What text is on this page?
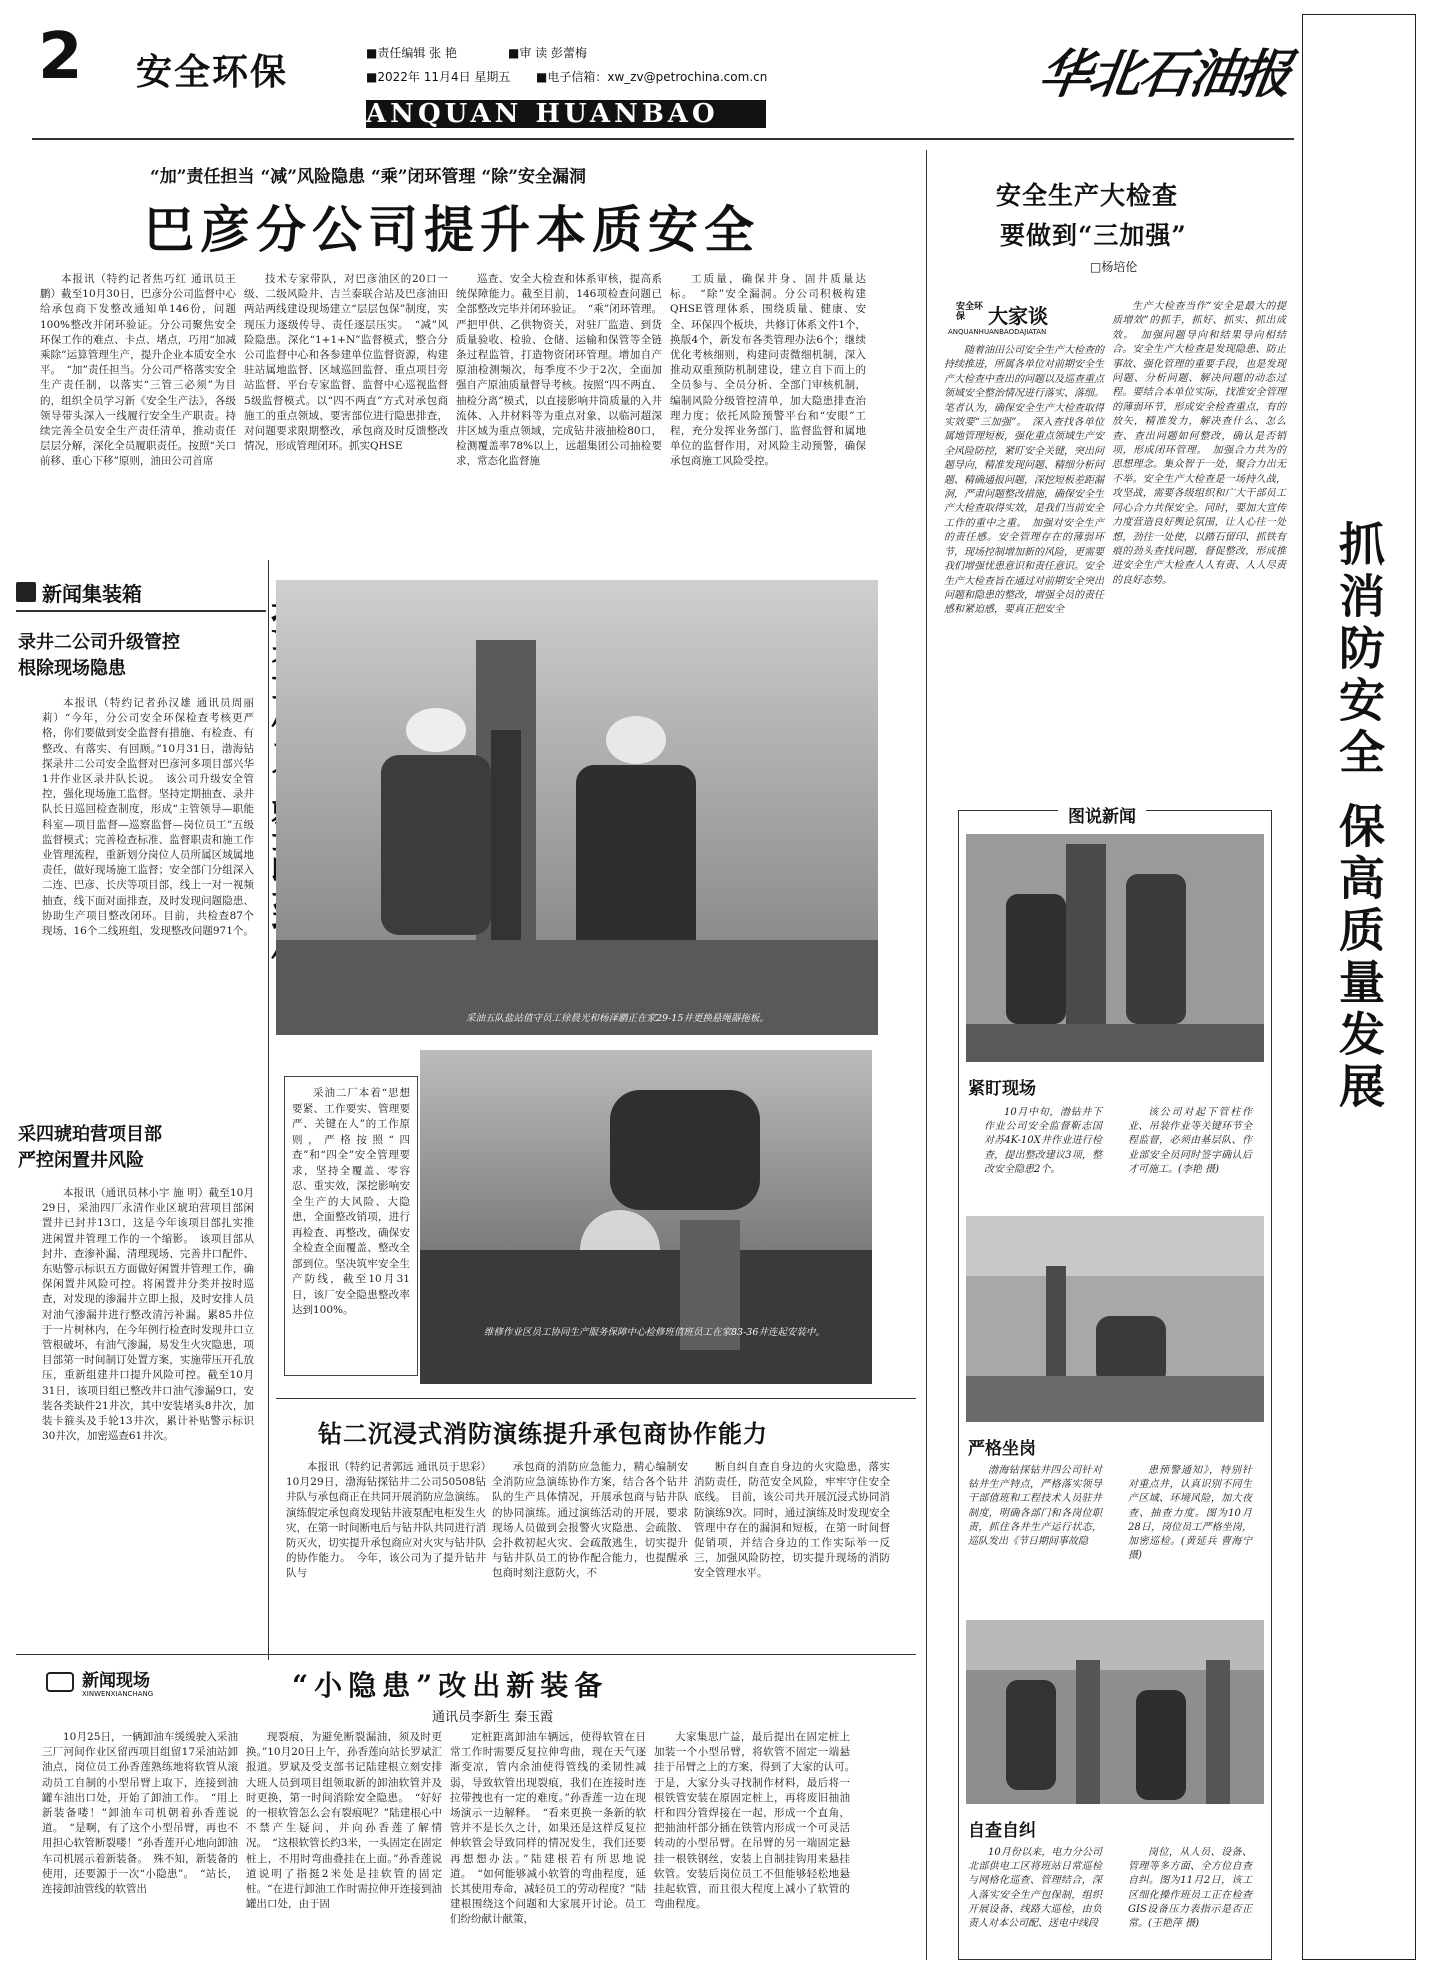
2 安全环保	■责任编辑 张 艳	■审 读 彭蕾梅
■2022年 11月4日 星期五 ■电子信箱：xw_zv@petrochina.com.cn
ANQUAN HUANBAO
华北石油报
抓消防安全 保高质量发展
“加”责任担当 “减”风险隐患 “乘”闭环管理 “除”安全漏洞
巴彦分公司提升本质安全

本报讯（特约记者焦巧红 通讯员王鹏）截至10月30日，巴彦分公司监督中心给承包商下发整改通知单146份，问题100%整改并闭环验证。分公司聚焦安全环保工作的难点、卡点、堵点，巧用“加减乘除”运算管理生产，提升企业本质安全水平。　“加”责任担当。分公司严格落实安全生产责任制，以落实“三管三必须”为目的，组织全员学习新《安全生产法》，各级领导带头深入一线履行安全生产职责。持续完善全员安全生产责任清单，推动责任层层分解，深化全员履职责任。按照“关口前移、重心下移”原则，油田公司首席

技术专家带队，对巴彦油区的20口一级、二级风险井、吉兰泰联合站及巴彦油田两站两线建设现场建立“层层包保”制度，实现压力逐级传导、责任逐层压实。　“减”风险隐患。深化“1+1+N”监督模式，整合分公司监督中心和各参建单位监督资源，构建驻站属地监督、区域巡回监督、重点项目旁站监督、平台专家监督、监督中心巡视监督5级监督模式。以“四不两直”方式对承包商施工的重点领域、要害部位进行隐患排查，对问题要求限期整改，承包商及时反馈整改情况，形成管理闭环。抓实QHSE

巡查、安全大检查和体系审核，提高系统保障能力。截至目前，146项检查问题已全部整改完毕并闭环验证。　“乘”闭环管理。严把甲供、乙供物资关，对驻厂监造、到货质量验收、检验、仓储、运输和保管等全链条过程监管，打造物资闭环管理。增加自产原油检测频次，每季度不少于2次，全面加强自产原油质量督导考核。按照“四不两直、抽检分离”模式，以直接影响井筒质量的入井流体、入井材料等为重点对象，以临河超深井区域为重点领域，完成钻井液抽检80口，检测覆盖率78%以上，远超集团公司抽检要求，常态化监督施

工质量，确保井身、固井质量达标。　“除”安全漏洞。分公司积极构建QHSE管理体系，围绕质量、健康、安全、环保四个板块，共修订体系文件1个，换版4个，新发布各类管理办法6个；继续优化考核细则，构建问责微细机制，深入推动双重预防机制建设，建立自下而上的全员参与、全员分析、全部门审核机制，编制风险分级管控清单，加大隐患排查治理力度；依托风险预警平台和“安眼”工程，充分发挥业务部门、监督监督和属地单位的监督作用，对风险主动预警，确保承包商施工风险受控。

安全生产大检查
要做到“三加强”
□杨培伦
安全环保	大家谈
ANQUANHUANBAODAJIATAN

随着油田公司安全生产大检查的持续推进，所属各单位对前期安全生产大检查中查出的问题以及巡查重点领域安全整治情况进行落实、落细。笔者认为，确保安全生产大检查取得实效要“三加强”。　深入查找各单位属地管理短板，强化重点领域生产安全风险防控，紧盯安全关键，突出问题导向，精准发现问题、精细分析问题、精确通报问题，深挖短板差距漏洞，严肃问题整改措施，确保安全生产大检查取得实效，是我们当前安全工作的重中之重。　加强对安全生产的责任感。安全管理存在的薄弱环节，现场控制增加新的风险，更需要我们增强忧患意识和责任意识。安全生产大检查旨在通过对前期安全突出问题和隐患的整改，增强全员的责任感和紧迫感，要真正把安全

生产大检查当作“安全是最大的提质增效”的抓手，抓好、抓实、抓出成效。　加强问题导向和结果导向相结合。安全生产大检查是发现隐患、防止事故、强化管理的重要手段，也是发现问题、分析问题、解决问题的动态过程。要结合本单位实际，找准安全管理的薄弱环节，形成安全检查重点，有的放矢，精准发力，解决查什么、怎么查、查出问题如何整改，确认是否销项，形成闭环管理。　加强合力共为的思想理念。集众智于一处，聚合力出无不举。安全生产大检查是一场持久战，攻坚战，需要各级组织和广大干部员工同心合力共保安全。同时，要加大宣传力度营造良好舆论氛围，让人心往一处想，劲往一处使，以踏石留印、抓铁有痕的劲头查找问题，督促整改，形成推进安全生产大检查人人有责、人人尽责的良好态势。

新闻集装箱
录井二公司升级管控
根除现场隐患

本报讯（特约记者孙汉雄 通讯员周丽莉）“今年，分公司安全环保检查考核更严格，你们要做到安全监督有措施、有检查、有整改、有落实、有回顾。”10月31日，渤海钻探录井二公司安全监督对巴彦河多项目部兴华1井作业区录井队长说。　该公司升级安全管控，强化现场施工监督。坚持定期抽查、录井队长日巡回检查制度，形成“主管领导—职能科室—项目监督—巡察监督—岗位员工”五级监督模式；完善检查标准、监督职责和施工作业管理流程，重新划分岗位人员所属区域属地责任，做好现场施工监督；安全部门分组深入二连、巴彦、长庆等项目部，线上一对一视频抽查，线下面对面排查，及时发现问题隐患、协助生产项目整改闭环。目前，共检查87个现场、16个二线班组，发现整改问题971个。

采四琥珀营项目部
严控闲置井风险

本报讯（通讯员林小宇 施 明）截至10月29日，采油四厂永清作业区琥珀营项目部闲置井已封井13口，这是今年该项目部扎实推进闲置井管理工作的一个缩影。　该项目部从封井、查渗补漏、清理现场、完善井口配件、东贴警示标识五方面做好闲置井管理工作，确保闲置井风险可控。将闲置井分类并按时巡查，对发现的渗漏井立即上报，及时安排人员对油气渗漏井进行整改清污补漏。累85井位于一片树林内，在今年例行检查时发现井口立管根破坏，有油气渗漏，易发生火灾隐患，项目部第一时间制订处置方案，实施带压开孔放压，重新组建井口提升风险可控。截至10月31日，该项目组已整改井口油气渗漏9口，安装各类缺件21井次，其中安装堵头8井次，加装卡箍头及手轮13井次，累计补贴警示标识30井次，加密巡查61井次。

采油五队盐站值守员工徐晨光和杨泽鹏正在家29-15井更换悬绳器拖板。

采油二厂本着“思想要紧、工作要实、管理要严、关键在人”的工作原则，严格按照“四查”和“四全”安全管理要求，坚持全覆盖、零容忍、重实效，深挖影响安全生产的大风险、大隐患，全面整改销项，进行再检查、再整改，确保安全检查全面覆盖、整改全部到位。坚决筑牢安全生产防线，截至10月31日，该厂安全隐患整改率达到100%。

维修作业区员工协同生产服务保障中心检修班值班员工在家83-36井连起安装中。
钻二沉浸式消防演练提升承包商协作能力

本报讯（特约记者郭远 通讯员于思彩）10月29日，渤海钻探钻井二公司50508钻井队与承包商正在共同开展消防应急演练。演练假定承包商发现钻井液泵配电柜发生火灾，在第一时间断电后与钻井队共同进行消防灭火，切实提升承包商应对火灾与钻井队的协作能力。　今年，该公司为了提升钻井队与

承包商的消防应急能力，精心编制安全消防应急演练协作方案，结合各个钻井队的生产具体情况，开展承包商与钻井队的协同演练。通过演练活动的开展，要求现场人员做到会报警火灾隐患、会疏散、会扑救初起火灾、会疏散逃生，切实提升与钻井队员工的协作配合能力，也提醒承包商时刻注意防火，不

断自纠自查自身边的火灾隐患，落实消防责任，防范安全风险，牢牢守住安全底线。　目前，该公司共开展沉浸式协同消防演练9次。同时，通过演练及时发现安全管理中存在的漏洞和短板，在第一时间督促销项，并结合身边的工作实际举一反三，加强风险防控，切实提升现场的消防安全管理水平。

新闻现场
XINWENXIANCHANG	“小隐患”改出新装备
通讯员李新生 秦玉霞

10月25日，一辆卸油车缓缓驶入采油三厂河间作业区留西项目组留17采油站卸油点，岗位员工孙香莲熟练地将软管从滚动员工自制的小型吊臂上取下，连接到油罐车油出口处，开始了卸油工作。　“用上新装备喽！”卸油车司机朝着孙香莲说道。　“是啊，有了这个小型吊臂，再也不用担心软管断裂喽！”孙香莲开心地向卸油车司机展示着新装备。　殊不知，新装备的使用，还要源于一次“小隐患”。　“站长，连接卸油管线的软管出

现裂痕，为避免断裂漏油，须及时更换。”10月20日上午，孙香莲向站长罗斌汇报道。罗斌及受支部书记陆建根立刻安排大班人员到项目组领取新的卸油软管并及时更换，第一时间消除安全隐患。　“好好的一根软管怎么会有裂痕呢？”陆建根心中不禁产生疑问，并向孙香莲了解情况。　“这根软管长约3米，一头固定在固定桩上，不用时弯曲叠挂在上面。”孙香莲说道说明了指挺2米处是挂软管的固定桩。“在进行卸油工作时需拉伸开连接到油罐出口处，由于固

定桩距离卸油车辆远，使得软管在日常工作时需要反复拉伸弯曲，现在天气逐渐变凉，管内余油使得管线的柔韧性减弱，导致软管出现裂痕，我们在连接时连拉带拽也有一定的难度。”孙香莲一边在现场演示一边解释。　“看来更换一条新的软管并不是长久之计，如果还是这样反复拉伸软管会导致同样的情况发生，我们还要再想想办法。”陆建根若有所思地说道。　“如何能够减小软管的弯曲程度，延长其使用寿命，减轻员工的劳动程度？”陆建根围绕这个问题和大家展开讨论。员工们纷纷献计献策，

大家集思广益，最后提出在固定桩上加装一个小型吊臂，将软管不固定一端悬挂于吊臂之上的方案，得到了大家的认可。　于是，大家分头寻找制作材料，最后将一根铁管安装在原固定桩上，再将废旧抽油杆和四分管焊接在一起，形成一个直角，把抽油杆部分插在铁管内形成一个可灵活转动的小型吊臂。在吊臂的另一端固定悬挂一根铁钢丝，安装上自制挂钩用来悬挂软管。安装后岗位员工不但能够轻松地悬挂起软管，而且很大程度上减小了软管的弯曲程度。

图说新闻
紧盯现场

10月中旬，渤钻井下作业公司安全监督靳志国对苏4K-10X井作业进行检查，提出整改建议3项，整改安全隐患2个。

该公司对起下管柱作业、吊装作业等关键环节全程监督，必须由基层队、作业部安全员同时签字确认后才可施工。(李艳 摄)

严格坐岗

渤海钻探钻井四公司针对钻井生产特点，严格落实领导干部值班和工程技术人员驻井制度，明确各部门和各岗位职责，抓住各井生产运行状态，巡队发出《节日期间事故隐

患预警通知》，特别针对重点井，认真识别不同生产区域、环境风险，加大夜查、抽查力度。图为10月28日，岗位员工严格坐岗，加密巡检。(黄延兵 曹海宁 摄)

自查自纠

10月份以来，电力分公司北部供电工区将班站日常巡检与网格化巡查、管理结合，深入落实安全生产包保制，组织开展设备、线路大巡检，由负责人对本公司配、送电中线段

岗位，从人员、设备、管理等多方面、全方位自查自纠。图为11月2日，该工区细化操作班员工正在检查GIS设备压力表指示是否正常。(王艳萍 摄)
